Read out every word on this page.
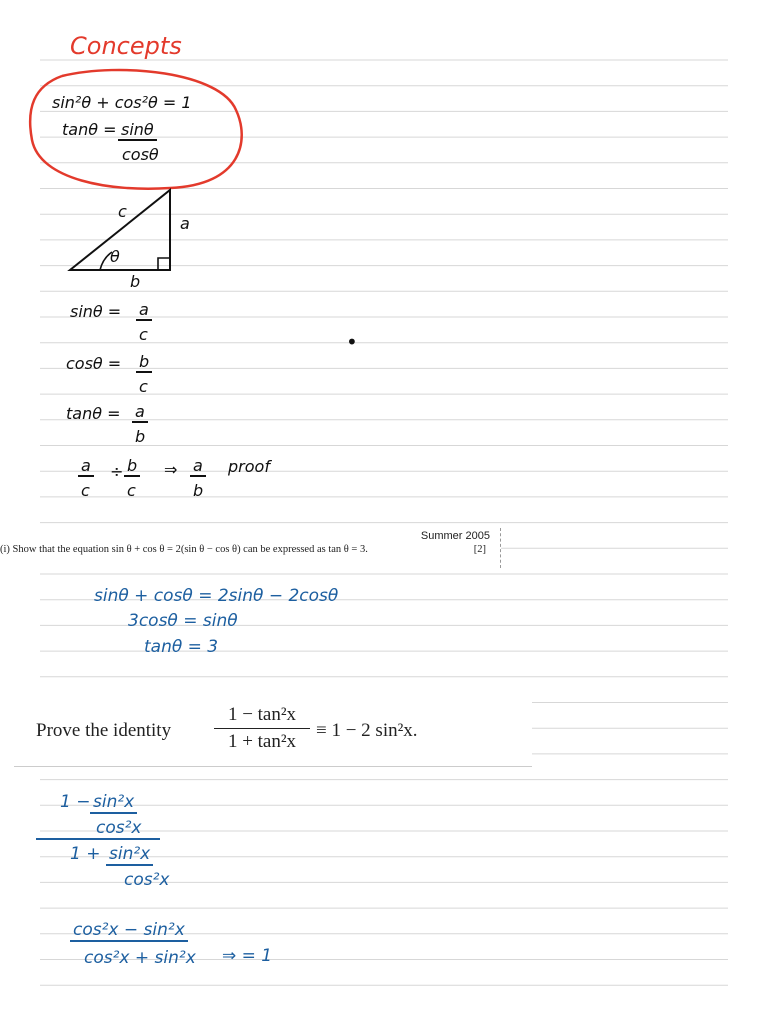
Concepts
sin²θ + cos²θ = 1
tanθ = sinθ
cosθ
c
a
θ
b
$\sin\theta = \frac{a}{c}$
$\cos\theta = \frac{b}{c}$
$\tan\theta = \frac{a}{b}$
•
$\frac{a}{c} \div \frac{b}{c}$ ⇒ $\frac{a}{b}$ proof
Summer 2005
(i) Show that the equation sin θ + cos θ = 2(sin θ − cos θ) can be expressed as tan θ = 3.	[2]
sinθ + cosθ = 2sinθ − 2cosθ
3cosθ = sinθ
tanθ = 3
Prove the identity
1 − tan²x
1 + tan²x
≡ 1 − 2 sin²x.
1 − sin²x
cos²x
1 + sin²x
cos²x
cos²x − sin²x
cos²x + sin²x ⇒ = 1
